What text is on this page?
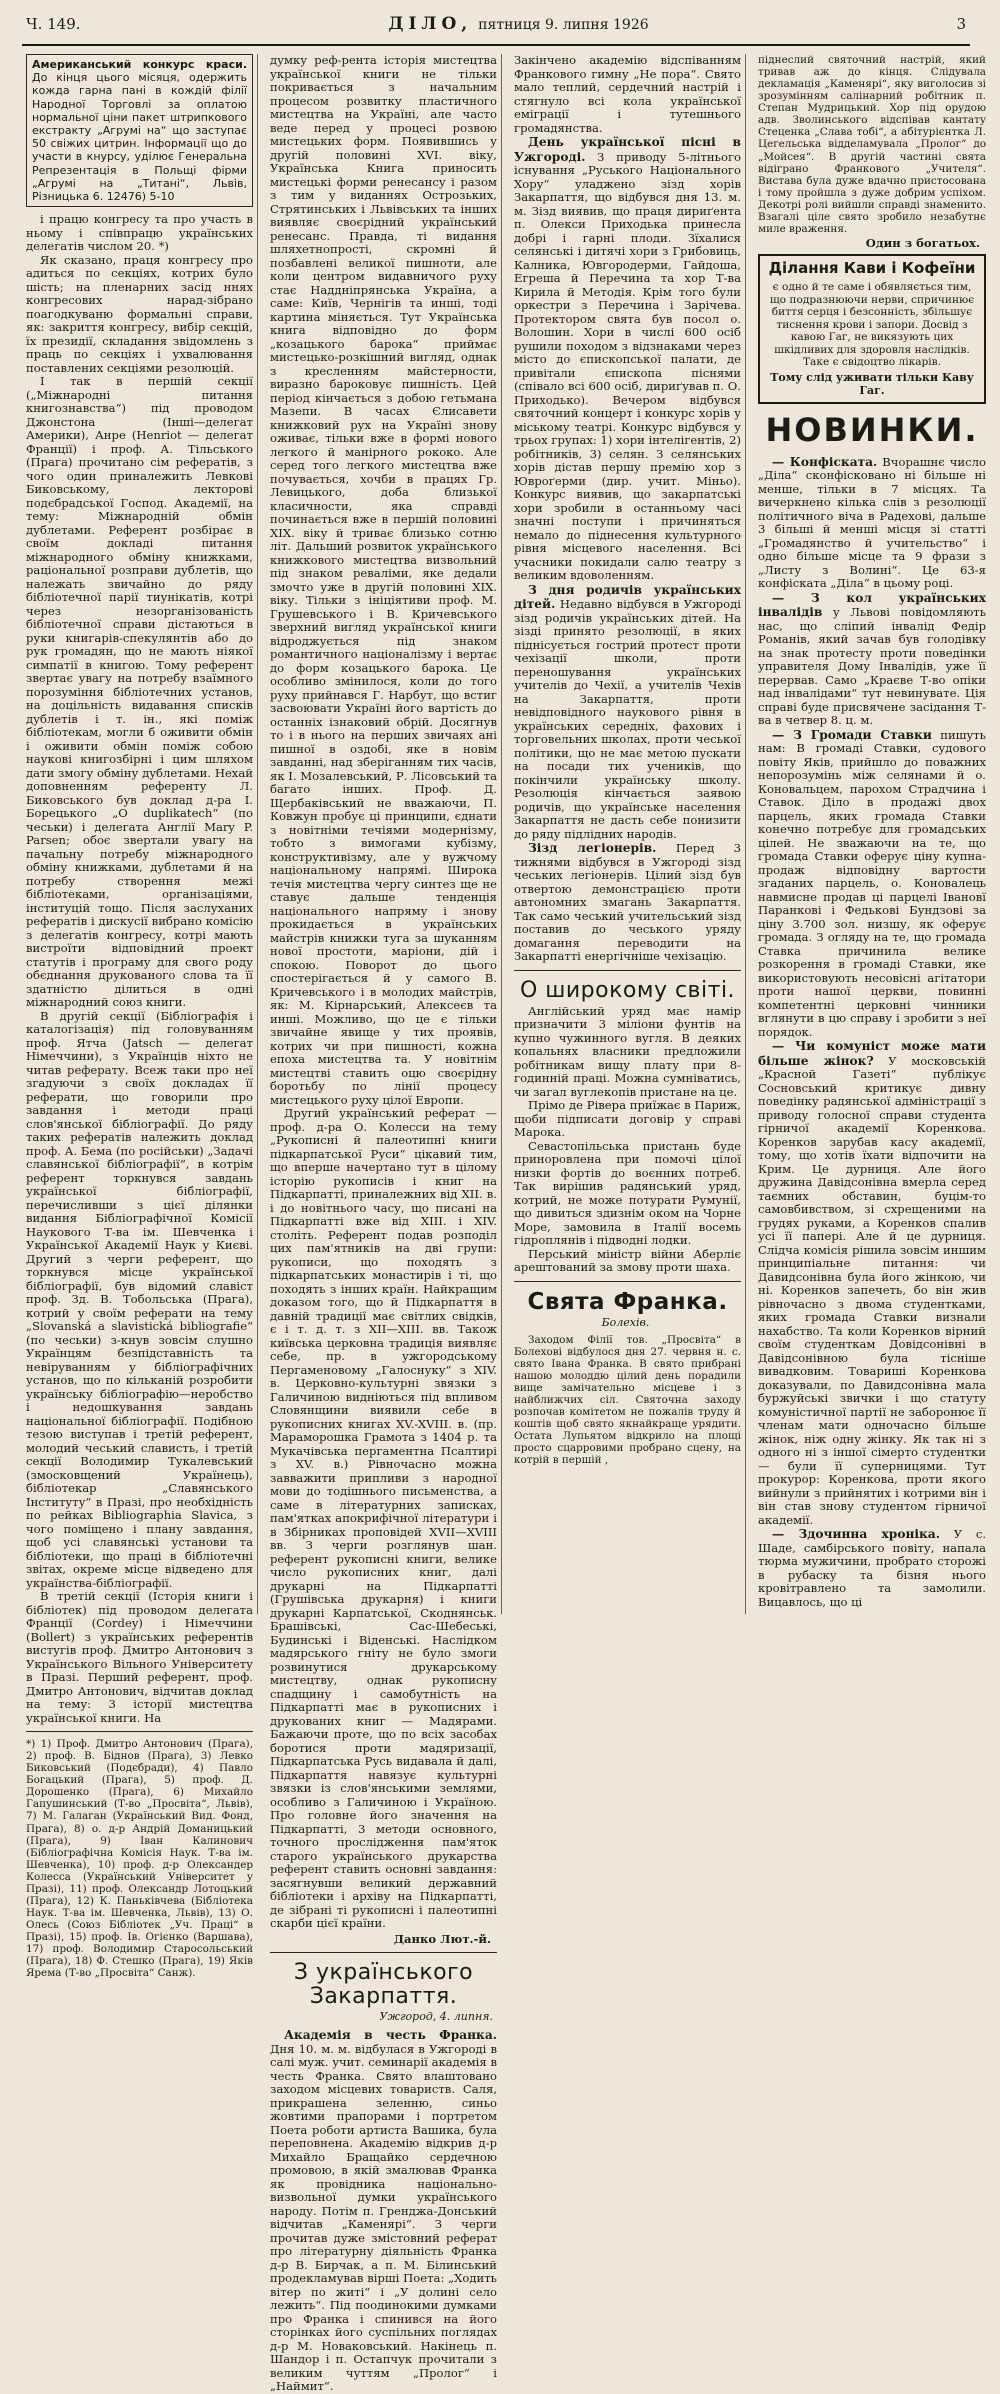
Ч. 149.	ДІЛО, пятниця 9. липня 1926	3
Американський конкурс краси. До кінця цього місяця, одержить кожда гарна пані в кождій філії Народної Торговлі за оплатою нормальної ціни пакет штрипкового екстракту „Агрумі на“ що заступає 50 свіжих цитрин. Інформації що до участи в кнурсу, уділює Генеральна Репрезентація в Польщі фірми „Агрумі на „Титані“, Львів, Різницька 6. 12476) 5-10

і працю конгресу та про участь в ньому і співпрацю українських делегатів числом 20. *)

Як сказано, праця конгресу про адиться по секціях, котрих було шість; на пленарних засід ннях конгресових нарад-зібрано поагодкуваню формальні справи, як: закриття конгресу, вибір секцій, їх президії, складання звідомлень з праць по секціях і ухвалювання поставлених секціями резолюцій.

І так в першій секції („Міжнародні питання книгознавства“) під проводом Джонстона (Інші—делегат Америки), Анре (Henriot — делегат Франції) і проф. А. Тільського (Прага) прочитано сім рефератів, з чого один приналежить Левкові Биковському, лекторові подєбрадської Господ. Академії, на тему: Міжнародній обмін дублетами. Референт розбірає в своїм докладі питання міжнародного обміну книжками, раціональної розправи дублетів, що належать звичайно до ряду бібліотечної парії тиунікатів, котрі через незорганізованість бібліотечної справи дістаються в руки книгарів-спекулянтів або до рук громадян, що не мають ніякої симпатії в книгою. Тому референт звертає увагу на потребу взаїмного порозуміння бібліотечних установ, на доцільність видавання списків дублетів і т. ін., які поміж бібліотекам, могли б оживити обмін і оживити обмін поміж собою наукові книгозбірні і цим шляхом дати змогу обміну дублетами. Нехай доповненням референту Л. Биковського був доклад д-ра І. Борецького „O duplikatech“ (по чеськи) і делегата Англії Mary P. Parsen; обоє звертали увагу на пачальну потребу міжнародного обміну книжками, дублетами й на потребу створення межі бібліотеками, організаціями, інституцій тощо. Після заслуханих рефератів і дискусії вибрано комісію з делегатів конгресу, котрі мають вистроїти відповідний проект статутів і програму для свого роду обєднання друкованого слова та її здатністю ділиться в одні міжнародний союз книги.

В другій секції (Бібліографія і каталогізація) під головуванням проф. Ятча (Jatsch — делегат Німеччини), з Українців ніхто не читав реферату. Всеж таки про неї згадуючи з своїх докладах її реферати, що говорили про завдання і методи праці слов'янської бібліографії. До ряду таких рефератів належить доклад проф. А. Бема (по російськи) „Задачі славянської бібліографії“, в котрім референт торкнувся завдань української бібліографії, перечисливши з цієї ділянки видання Бібліографічної Комісії Наукового Т-ва ім. Шевченка і Української Академії Наук у Києві. Другий з черги референт, що торкнувся місце української бібліографії, був відомий славіст проф. Зд. В. Тобольська (Прага), котрий у своїм реферати на тему „Slovanská a slavistická bibliografie“ (по чеськи) з-кнув зовсім слушно Українцям безпідставність та невіруванням у бібліографічних установ, що по кільканій розробити українську бібліографію—неробство і недошкування завдань національної бібліографії. Подібною тезою виступав і третій референт, молодий чеський слависть, і третій секції Володимир Тукалевський (змосковщений Українець), бібліотекар „Славянського Інституту“ в Празі, про необхідність по рейках Bibliographia Slavica, з чого поміщено і плану завдання, щоб усі славянські установи та бібліотеки, що праці в бібліотечні звітах, окреме місце відведено для українства-бібліографії.

В третій секції (Історія книги і бібліотек) під проводом делегата Франції (Cordey) і Німеччини (Bollert) з українських референтів вистугів проф. Дмитро Антонович з Українського Вільного Університету в Празі. Перший референт, проф. Дмитро Антонович, відчитав доклад на тему: 3 історії мистецтва української книги. На

*) 1) Проф. Дмитро Антонович (Прага), 2) проф. В. Біднов (Прага), 3) Левко Биковський (Подєбради), 4) Павло Богацький (Прага), 5) проф. Д. Дорошенко (Прага), 6) Михайло Гапушинський (Т-во „Просвіта“, Львів), 7) М. Галаган (Український Вид. Фонд, Прага), 8) о. д-р Андрій Доманицький (Прага), 9) Іван Калинович (Бібліографічна Комісія Наук. Т-ва ім. Шевченка), 10) проф. д-р Олександер Колесса (Український Університет у Празі), 11) проф. Олександр Лотоцький (Прага), 12) К. Паньківчева (Бібліотека Наук. Т-ва ім. Шевченка, Львів), 13) О. Олесь (Союз Бібліотек „Уч. Праці“ в Празі), 15) проф. Ів. Огієнко (Варшава), 17) проф. Володимир Старосольський (Прага), 18) Ф. Стешко (Прага), 19) Яків Ярема (Т-во „Просвіта“ Санж).

думку реф-рента історія мистецтва української книги не тільки покривається з начальним процесом розвитку пластичного мистецтва на Україні, але часто веде перед у процесі розвою мистецьких форм. Появившись у другій половині XVI. віку, Українська Книга приносить мистецькі форми ренесансу і разом з тим у виданнях Острозьких, Стрятинських і Львівських та інших виявляє своєрідний український ренесанс. Правда, ті видання шляхетнопрості, скромні й позбавлені великої пишноти, але коли центром видавничого руху стає Наддніпрянська Україна, а саме: Київ, Чернігів та инші, тоді картина міняється. Тут Українська книга відповідно до форм „козацького барока“ приймає мистецько-розкішний вигляд, однак з кресленням майстерности, виразно бароковує пишність. Цей період кінчається з добою гетьмана Мазепи. В часах Єлисавети книжковий рух на Україні знову оживає, тільки вже в формі нового легкого й манірного рококо. Але серед того легкого мистецтва вже почувається, хочби в працях Гр. Левицького, доба близької класичности, яка справді починається вже в першій половині XIX. віку й триває близько сотню літ. Дальший розвиток українського книжкового мистецтва визвольний під знаком реваліми, яке дедали змочто уже в другій половині XIX. віку. Тільки з ініціятиви проф. М. Грушевського і В. Кричевського зверхний вигляд української книги відроджується під знаком романтичного націоналізму і вертає до форм козацького барока. Це особливо змінилося, коли до того руху прийнався Г. Нарбут, що встиг засвоювати Україні його вартість до останніх ізнаковий обрій. Досягнув то і в нього на перших звичаях ані пишної в оздобі, яке в новім завданні, над зберіганням тих часів, як І. Мозалевський, Р. Лісовський та багато інших. Проф. Д. Щербаківський не вважаючи, П. Ковжун пробує ці принципи, єднати з новітніми течіями модернізму, тобто з вимогами кубізму, конструктивізму, але у вужчому національному напрямі. Широка течія мистецтва чергу синтез ще не ставує дальше тенденція національного напряму і знову прокидається в українських майстрів книжки туга за шуканням нової простоти, маріони, дій і спокою. Поворот до цього спостерігається й у самого В. Кричевського і в молодих майстрів, як: М. Кірнарський, Алексеєв та инші. Можливо, що це є тільки звичайне явище у тих проявів, котрих чи при пишності, кожна епоха мистецтва та. У новітнім мистецтві ставить оцю своєрідну боротьбу по лінії процесу мистецького руху цілої Европи.

Другий український реферат — проф. д-ра О. Колесси на тему „Рукописні й палеотипні книги підкарпатської Руси“ цікавий тим, що вперше начертано тут в цілому історію рукописів і книг на Підкарпатті, приналежних від XII. в. і до новітнього часу, що писані на Підкарпатті вже від XIII. і XIV. століть. Референт подав розподіл цих пам'ятників на дві групи: рукописи, що походять з підкарпатських монастирів і ті, що походять з інших країн. Найкращим доказом того, що й Підкарпаття в давній традиції має світлих свідків, є і т. д. т. з XII—XIII. вв. Також київська церковна традиція виявляє себе, пр. в ужгородському Пергаменовому „Галоснуку“ з XIV. в. Церковно-культурні звязки з Галичиною видніються під впливом Словянщини виявили себе в рукописних книгах XV.-XVIII. в. (пр. Мараморошка Грамота з 1404 р. та Мукачівська пергаментна Псалтирі з XV. в.) Рівночасно можна завважити припливи з народної мови до тодішнього письменства, а саме в літературних записках, пам'ятках апокрифічної літератури і в Збірниках проповідей XVII—XVIII вв. З черги розглянув шан. референт рукописні книги, велике число рукописних книг, далі друкарні на Підкарпатті (Грушівська друкарня) і книги друкарні Карпатської, Скоднянськ. Брашівські, Сас-Шебеські, Будинські і Віденські. Наслідком мадярського гніту не було змоги розвинутися друкарському мистецтву, однак рукописну спадщину і самобутність на Підкарпатті має в рукописних і друкованих книг — Мадярами. Бажаючи проте, що по всіх засобах боротися проти мадяризації, Підкарпатська Русь видавала й далі, Підкарпаття навязує культурні звязки із слов'янськими землями, особливо з Галичиною і Україною. Про головне його значення на Підкарпатті, 3 методи основного, точного прослідження пам'яток старого українського друкарства референт ставить основні завдання: засягнувши великий державний бібліотеки і архіву на Підкарпатті, де зібрані ті рукописні і палеотипні скарби цієї країни.

Данко Лют.-й.
З українського Закарпаття.
Ужгород, 4. липня.

Академія в честь Франка. Дня 10. м. м. відбулася в Ужгороді в салі муж. учит. семинарії академія в честь Франка. Свято влаштовано заходом місцевих товариств. Саля, прикрашена зеленню, синьо жовтими прапорами і портретом Поета роботи артиста Вашика, була переповнена. Академію відкрив д-р Михайло Бращайко сердечною промовою, в якій змалював Франка як провідника національно-визвольної думки українського народу. Потім п. Гренджа-Донський відчитав „Каменярі“. З черги прочитав дуже змістовний реферат про літературну діяльність Франка д-р В. Бирчак, а п. М. Білинський продекламував вірші Поета: „Ходить вітер по житі“ і „У долині село лежить“. Під поодинокими думками про Франка і спинився на його сторінках його суспільних поглядах д-р М. Новаковський. Накінець п. Шандор і п. Остапчук прочитали з великим чуттям „Пролог“ і „Наймит“.

Закінчено академію відспіванням Франкового гимну „Не пора“. Свято мало теплий, сердечний настрій і стягнуло всі кола української еміграції і тутешнього громадянства.

День української пісні в Ужгороді. З приводу 5-літнього існування „Руського Національного Хору“ уладжено зізд хорів Закарпаття, що відбувся дня 13. м. м. Зізд виявив, що праця дириґента п. Олекси Приходька принесла добрі і гарні плоди. Зїхалися селянські і дитячі хори з Грибовиць, Калника, Ювгородерми, Гайдоша, Егреша й Перечина та хор Т-ва Кирила й Методія. Крім того були оркестри з Перечина і Зарічева. Протектором свята був посол о. Волошин. Хори в числі 600 осіб рушили походом з відзнаками через місто до єпископської палати, де привітали єпископа піснями (співало всі 600 осіб, дириґував п. О. Приходько). Вечером відбувся святочний концерт і конкурс хорів у міському театрі. Конкурс відбувся у трьох групах: 1) хори інтелігентів, 2) робітників, 3) селян. З селянських хорів дістав першу премію хор з Ювроґерми (дир. учит. Міньо). Конкурс виявив, що закарпатські хори зробили в останньому часі значні поступи і причиняться немало до піднесення культурного рівня місцевого населення. Всі учасники покидали салю театру з великим вдоволенням.

З дня родичів українських дітей. Недавно відбувся в Ужгороді зізд родичів українських дітей. На зізді принято резолюції, в яких піднісується гострий протест проти чехізації школи, проти переношування українських учителів до Чехії, а учителів Чехів на Закарпаття, проти невідповідного наукового рівня в українських середніх, фахових і торговельних школах, проти чеської політики, що не має метою пускати на посади тих учеників, що покінчили українську школу. Резолюція кінчається заявою родичів, що українське населення Закарпаття не дасть себе понизити до ряду підлідних народів.

Зізд легіонерів. Перед 3 тижнями відбувся в Ужгороді зізд чеських легіонерів. Цілий зізд був отвертою демонстрацією проти автономних змагань Закарпаття. Так само чеський учительський зізд поставив до чеського уряду домагання переводити на Закарпатті енергічніше чехізацію.

О широкому світі.

Англійський уряд має намір призначити 3 міліони фунтів на купно чужинного вугля. В деяких копальнях власники предложили робітникам вищу плату при 8-годинній праці. Можна сумніватись, чи загал вуглекопів пристане на це.

Прімо де Рівера приїжає в Париж, щоби підписати договір у справі Марока.

Севастопільська пристань буде приноровлена при помочі цілої низки фортів до воєнних потреб. Так вирішив радянський уряд, котрий, не може потурати Румунії, що дивиться здизнім оком на Чорне Море, замовила в Італії восемь гідроплянів і підводні лодки.

Перський міністр війни Аберліє арештований за змову проти шаха.

Свята Франка.
Болехів.

Заходом Філії тов. „Просвіта“ в Болехові відбулося дня 27. червня н. с. свято Івана Франка. В свято прибрані нашою молоддю цілий день порадили вище замічательно місцеве і з найближчих сіл. Святочна заходу розпочав комітетом не пожалів труду й коштів щоб свято якнайкраще урядити. Остата Лупьятом відкрило на площі просто сцарровими пробрано сцену, на котрій в першій ,

піднеслий святочний настрій, який тривав аж до кінця. Слідувала декламація „Каменярі“, яку виголосив зі зрозумінням салінарний робітник п. Степан Мудрицький. Хор під орудою адв. Зволинського відспівав кантату Стеценка „Слава тобі“, а абітурієнтка Л. Цегельська відделамувала „Пролог“ до „Мойсея“. В другій частині свята відіграно Франкового „Учителя“. Вистава була дуже вдачно пристосована і тому пройшла з дуже добрим успіхом. Декотрі ролі вийшли справді знаменито. Взагалі ціле свято зробило незабутнє миле враження.

Один з богатьох.
Ділання Кави і Кофеїни
є одно й те саме і обявляється тим, що подразнюючи нерви, спричинює биття серця і безсонність, збільшує тиснення крови і запори. Досвід з кавою Гаг, не викязують цих шкідливих для здоровля наслідків. Таке є свідоцтво лікарів.
Тому слід уживати тільки Каву Гаг.
НОВИНКИ.

— Конфіската. Вчорашнє число „Діла“ сконфісковано ні більше ні менше, тільки в 7 місцях. Та вичеркнено кілька слів з резолюції політичного віча в Радехові, дальше 3 більші й менші місця зі статті „Громадянство й учительство“ і одно більше місце та 9 фрази з „Листу з Волині“. Це 63-я конфіската „Діла“ в цьому році.

— З кол українських інвалідів у Львові повідомляють нас, що сліпий інвалід Федір Романів, який зачав був голодівку на знак протесту проти поведінки управителя Дому Інвалідів, уже її перервав. Само „Краєве Т-во опіки над інвалідами“ тут невинувате. Ція справі буде присвячене засідання Т-ва в четвер 8. ц. м.

— З Громади Ставки пишуть нам: В громаді Ставки, судового повіту Яків, прийшло до поважних непорозумінь між селянами й о. Коновальцем, парохом Страдчина і Ставок. Діло в продажі двох парцель, яких громада Ставки конечно потребує для громадських цілей. Не зважаючи на те, що громада Ставки оферує ціну купна-продаж відповідну вартости згаданих парцель, о. Коновалець навмисне продав ці парцелі Івановї Паранкові і Федькові Бундзові за ціну 3.700 зол. низшу, як оферує громада. З огляду на те, що громада Ставка причинила велике розкорення в громаді Ставки, яке використовують несовісні агітатори проти нашої церкви, повинні компетентні церковні чинники вглянути в цю справу і зробити з неї порядок.

— Чи комуніст може мати більше жінок? У московській „Красной Газеті“ публікує Сосновський критикує дивну поведінку радянської адміністрації з приводу голосної справи студента гірничої академії Коренкова. Коренков зарубав касу академії, тому, що хотів їхати відпочити на Крим. Це дурниця. Але його дружина Давідсонівна вмерла серед таємних обставин, буцім-то самовбивством, зі схрещеними на грудях руками, а Коренков спалив усі її папері. Але й це дурниця. Слідча комісія рішила зовсім иншим принципіальне питання: чи Давидсонівна була його жінкою, чи ні. Коренков запечеть, бо він жив рівночасно з двома студентками, яких громада Ставки визнали нахабство. Та коли Коренков вірний своїм студенткам Довідсонівні в Давідсонівною була тісніше вивадковим. Товариші Коренкова доказували, по Давидсонівна мала буржуйські звички і що статуту комуністичної партії не заборонює її членам мати одночасно більше жінок, ніж одну жінку. Як так ні з одного ні з іншої сімерто студентки — були її суперницями. Тут прокурор: Коренкова, проти якого вийнули з прийнятих і котрими він і він став знову студентом гірничої академії.

— Здочинна хроніка. У с. Шаде, самбірського повіту, напала тюрма мужичини, пробрато сторожі в рубаску та бізня нього кровітравлено та замолили. Вицавлось, що ці
